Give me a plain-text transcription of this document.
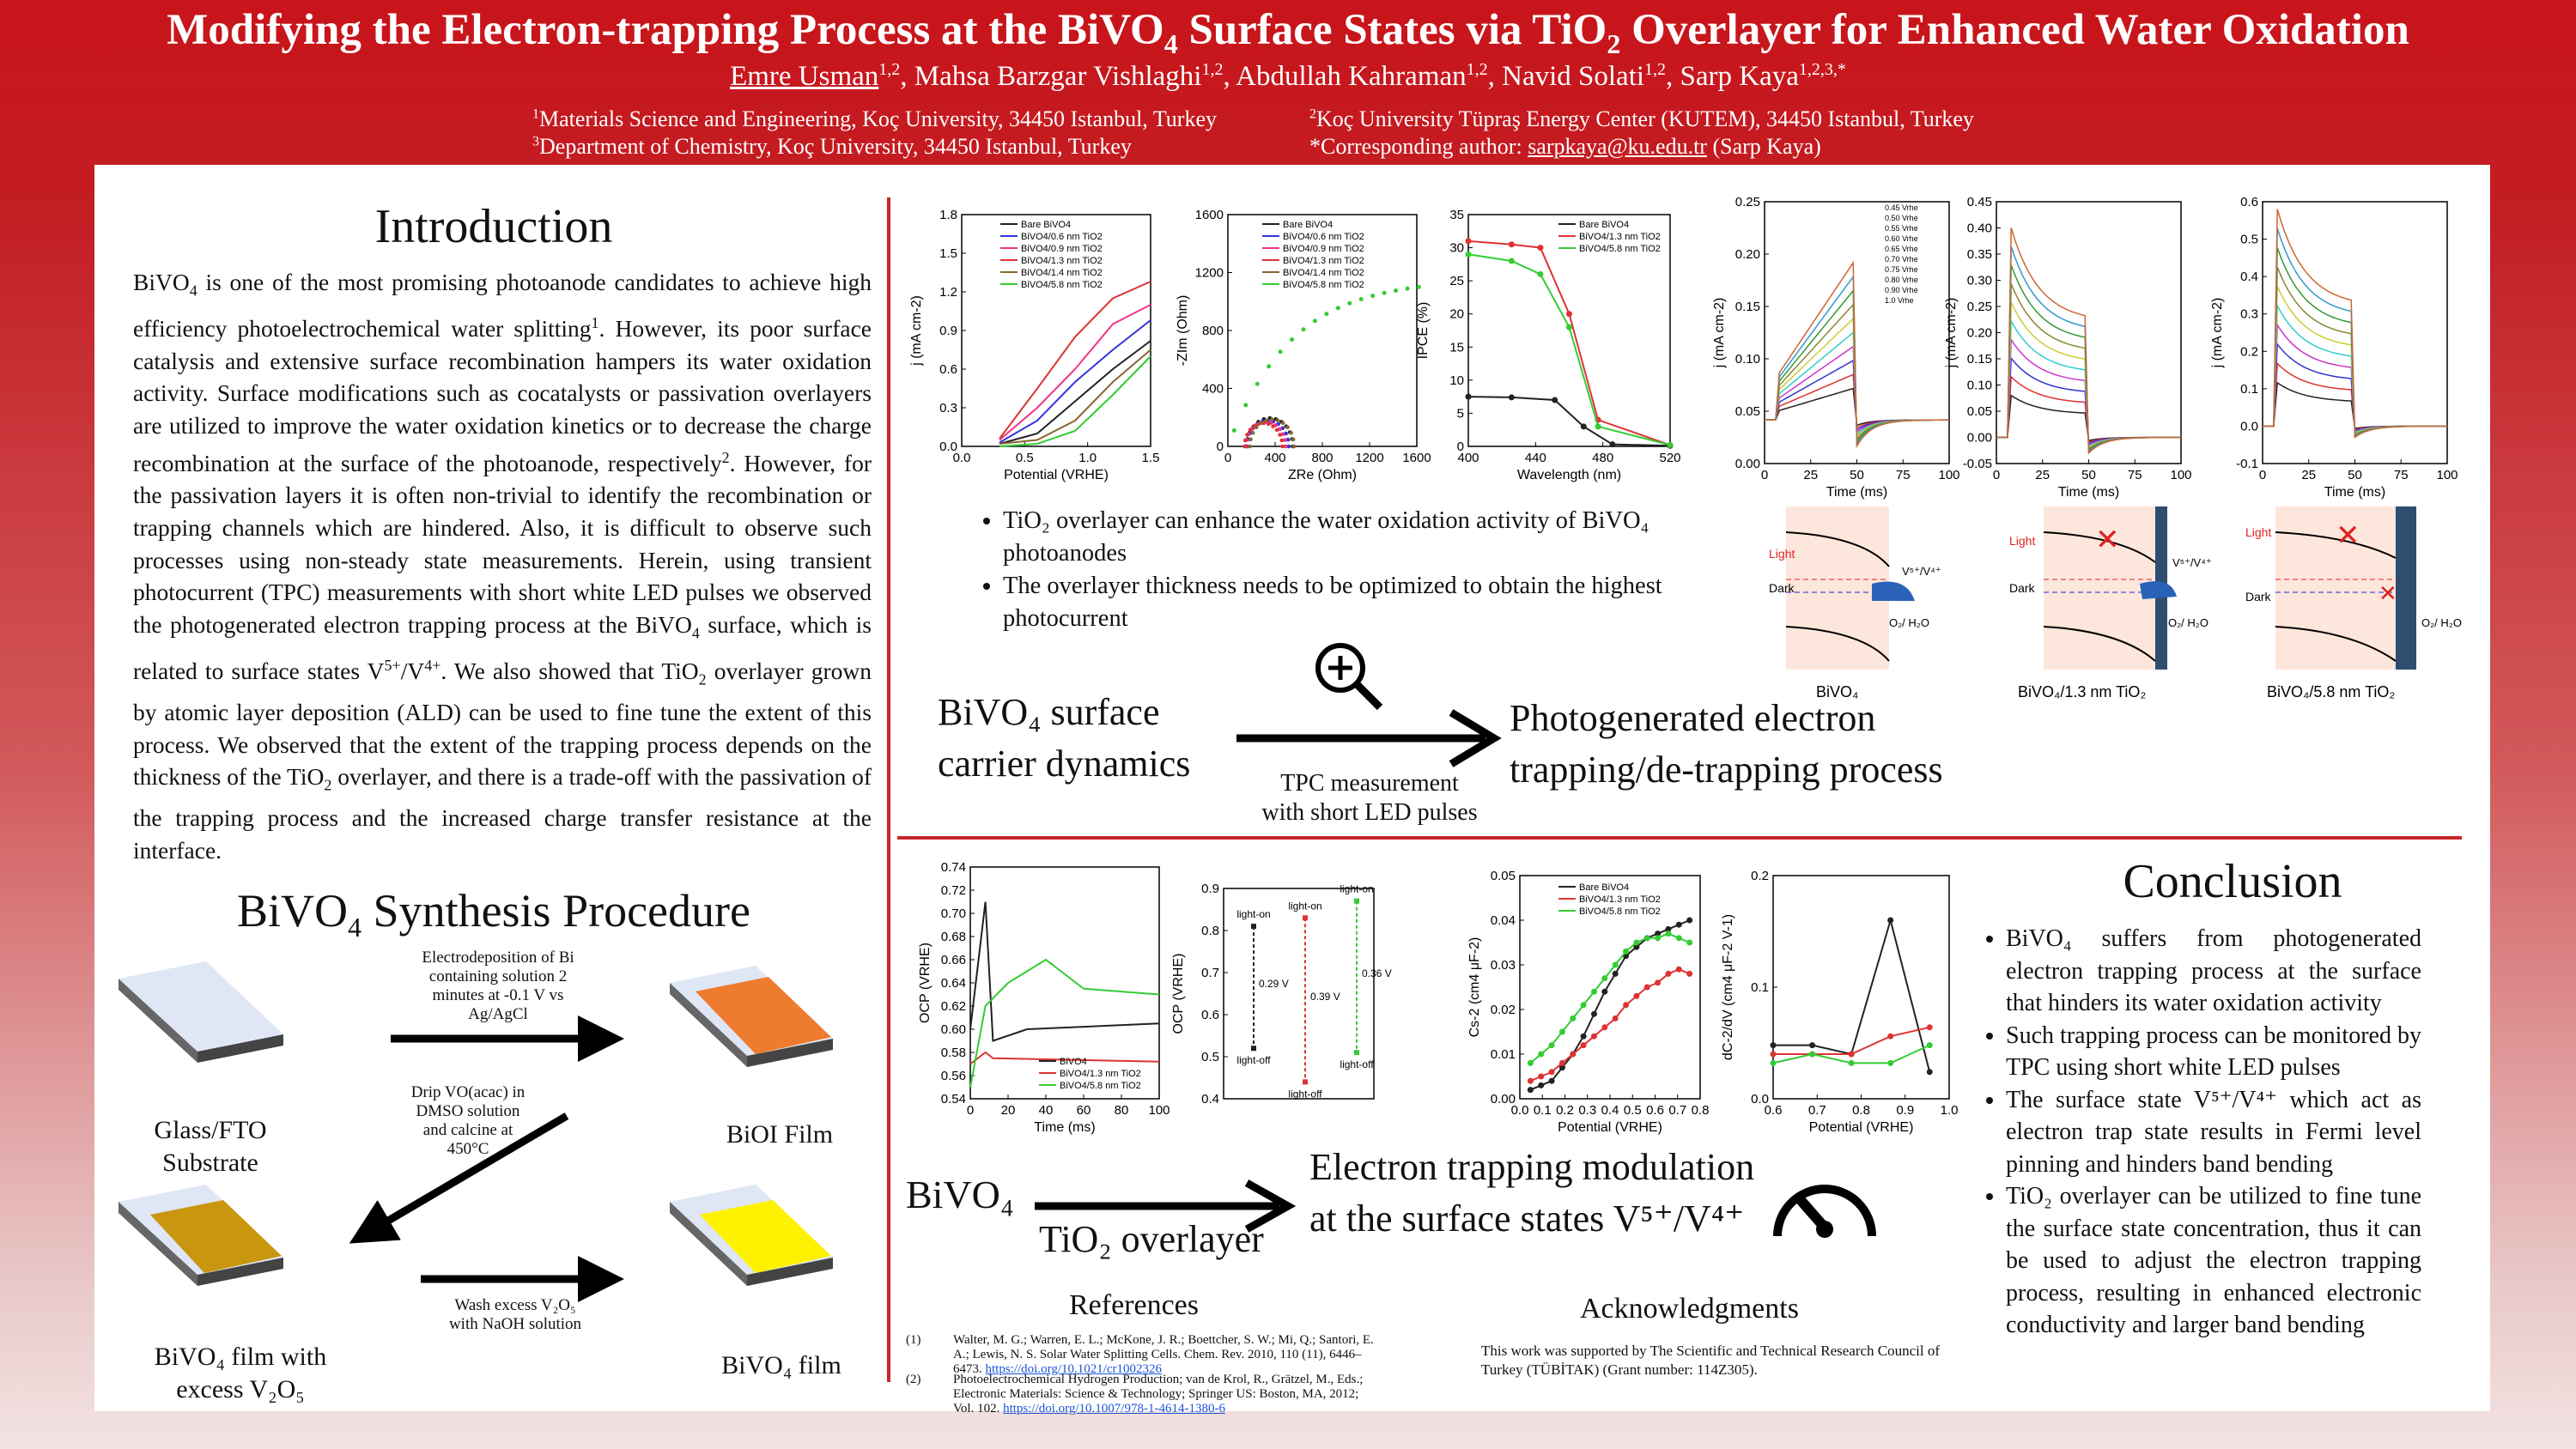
Modifying the Electron-trapping Process at the BiVO$_4$ Surface States via TiO$_2$ Overlayer for Enhanced Water Oxidation
Emre Usman$^{1,2}$, Mahsa Barzgar Vishlaghi$^{1,2}$, Abdullah Kahraman$^{1,2}$, Navid Solati$^{1,2}$, Sarp Kaya$^{1,2,3,*}$
$^1$Materials Science and Engineering, Koç University, 34450 Istanbul, Turkey	$^2$Koç University Tüpraş Energy Center (KUTEM), 34450 Istanbul, Turkey
$^3$Department of Chemistry, Koç University, 34450 Istanbul, Turkey	*Corresponding author: sarpkaya@ku.edu.tr (Sarp Kaya)
Introduction
BiVO$_4$ is one of the most promising photoanode candidates to achieve high efficiency photoelectrochemical water splitting$^1$. However, its poor surface catalysis and extensive surface recombination hampers its water oxidation activity. Surface modifications such as cocatalysts or passivation overlayers are utilized to improve the water oxidation kinetics or to decrease the charge recombination at the surface of the photoanode, respectively$^2$. However, for the passivation layers it is often non-trivial to identify the recombination or trapping channels which are hindered. Also, it is difficult to observe such processes using non-steady state measurements. Herein, using transient photocurrent (TPC) measurements with short white LED pulses we observed the photogenerated electron trapping process at the BiVO$_4$ surface, which is related to surface states $V^{5+}/V^{4+}$. We also showed that TiO$_2$ overlayer grown by atomic layer deposition (ALD) can be used to fine tune the extent of this process. We observed that the extent of the trapping process depends on the thickness of the TiO$_2$ overlayer, and there is a trade-off with the passivation of the trapping process and the increased charge transfer resistance at the interface.
BiVO$_4$ Synthesis Procedure
Electrodeposition of Bi containing solution 2 minutes at -0.1 V vs Ag/AgCl
Drip VO(acac) in DMSO solution and calcine at 450°C
Wash excess V₂O₅ with NaOH solution
Glass/FTO Substrate
BiOI Film
BiVO₄ film with
excess V₂O₅
BiVO₄ film
0.0	0.5	1.0	1.5
0.0
0.3
0.6
0.9
1.2
1.5
1.8
Potential (VRHE)
j (mA cm-2)
Bare BiVO4
BiVO4/0.6 nm TiO2
BiVO4/0.9 nm TiO2
BiVO4/1.3 nm TiO2
BiVO4/1.4 nm TiO2
BiVO4/5.8 nm TiO2
0	400 800 1200 1600
0
400
800
1200
1600
ZRe (Ohm)
-ZIm (Ohm)
Bare BiVO4
BiVO4/0.6 nm TiO2
BiVO4/0.9 nm TiO2
BiVO4/1.3 nm TiO2
BiVO4/1.4 nm TiO2
BiVO4/5.8 nm TiO2
400	440	480	520
0
5
10
15
20
25
30
35
Wavelength (nm)
IPCE (%)
Bare BiVO4
BiVO4/1.3 nm TiO2
BiVO4/5.8 nm TiO2
0	25 50 75 100
0.00
0.05
0.10
0.15
0.20
0.25
Time (ms)
j (mA cm-2)
0.45 Vrhe
0.50 Vrhe
0.55 Vrhe
0.60 Vrhe
0.65 Vrhe
0.70 Vrhe
0.75 Vrhe
0.80 Vrhe
0.90 Vrhe
1.0 Vrhe
0	25 50 75 100
-0.05
0.00
0.05
0.10
0.15
0.20
0.25
0.30
0.35
0.40
0.45
Time (ms)
j (mA cm-2)
0	25 50 75 100
-0.1
0.0
0.1
0.2
0.3
0.4
0.5
0.6
Time (ms)
j (mA cm-2)
Light
Dark
V⁵⁺/V⁴⁺
O₂/ H₂O
BiVO₄
✕
Light
Dark
V⁵⁺/V⁴⁺
O₂/ H₂O
BiVO₄/1.3 nm TiO₂
✕
✕
Light
Dark
O₂/ H₂O
BiVO₄/5.8 nm TiO₂
• TiO₂ overlayer can enhance the water oxidation activity of BiVO₄ photoanodes
• The overlayer thickness needs to be optimized to obtain the highest photocurrent
BiVO₄ surface carrier dynamics	TPC measurement
with short LED pulses
Photogenerated electron trapping/de-trapping process
0 20 40 60 80 100
0.54
0.56
0.58
0.60
0.62
0.64
0.66
0.68
0.70
0.72
0.74
Time (ms)
OCP (VRHE)
BiVO4
BiVO4/1.3 nm TiO2
BiVO4/5.8 nm TiO2
0.4
0.5
0.6
0.7
0.8
0.9
OCP (VRHE)
light-on
light-off
0.29 V
light-on
light-off
0.39 V
light-on
light-off
0.36 V
0.0 0.1 0.2 0.3 0.4 0.5 0.6 0.7 0.8
0.00
0.01
0.02
0.03
0.04
0.05
Potential (VRHE)
Cs-2 (cm4 μF-2)
Bare BiVO4
BiVO4/1.3 nm TiO2
BiVO4/5.8 nm TiO2
0.6 0.7 0.8 0.9 1.0
0.0
0.1
0.2
Potential (VRHE)
dC-2/dV (cm4 μF-2 V-1)
BiVO₄
TiO₂ overlayer
Electron trapping modulation at the surface states V⁵⁺/V⁴⁺
References
(1)	Walter, M. G.; Warren, E. L.; McKone, J. R.; Boettcher, S. W.; Mi, Q.; Santori, E. A.; Lewis, N. S. Solar Water Splitting Cells. Chem. Rev. 2010, 110 (11), 6446–6473. https://doi.org/10.1021/cr1002326
(2)	Photoelectrochemical Hydrogen Production; van de Krol, R., Grätzel, M., Eds.; Electronic Materials: Science & Technology; Springer US: Boston, MA, 2012; Vol. 102. https://doi.org/10.1007/978-1-4614-1380-6
Acknowledgments
This work was supported by The Scientific and Technical Research Council of Turkey (TÜBİTAK) (Grant number: 114Z305).
Conclusion
• BiVO₄ suffers from photogenerated electron trapping process at the surface that hinders its water oxidation activity
• Such trapping process can be monitored by TPC using short white LED pulses
• The surface state V⁵⁺/V⁴⁺ which act as electron trap state results in Fermi level pinning and hinders band bending
• TiO₂ overlayer can be utilized to fine tune the surface state concentration, thus it can be used to adjust the electron trapping process, resulting in enhanced electronic conductivity and larger band bending
